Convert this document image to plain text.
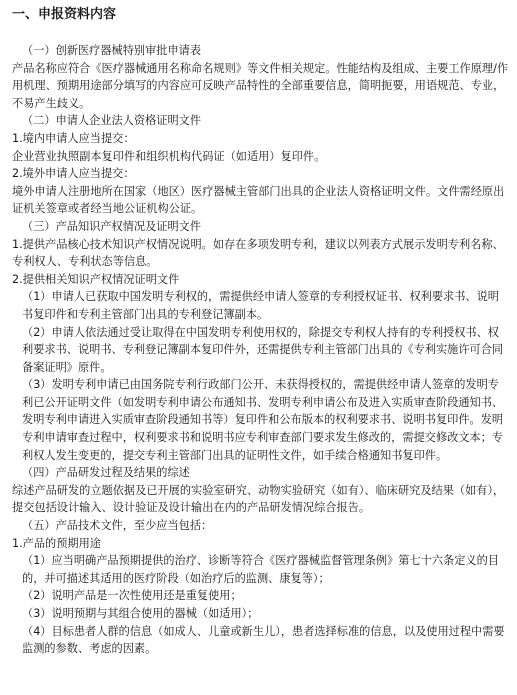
一、申报资料内容

（一）创新医疗器械特别审批申请表

产品名称应符合《医疗器械通用名称命名规则》等文件相关规定。性能结构及组成、主要工作原理/作用机理、预期用途部分填写的内容应可反映产品特性的全部重要信息，简明扼要，用语规范、专业，不易产生歧义。

（二）申请人企业法人资格证明文件

1.境内申请人应当提交：

企业营业执照副本复印件和组织机构代码证（如适用）复印件。

2.境外申请人应当提交：

境外申请人注册地所在国家（地区）医疗器械主管部门出具的企业法人资格证明文件。文件需经原出证机关签章或者经当地公证机构公证。

（三）产品知识产权情况及证明文件

1.提供产品核心技术知识产权情况说明。如存在多项发明专利，建议以列表方式展示发明专利名称、专利权人、专利状态等信息。

2.提供相关知识产权情况证明文件

（1）申请人已获取中国发明专利权的，需提供经申请人签章的专利授权证书、权利要求书、说明书复印件和专利主管部门出具的专利登记簿副本。

（2）申请人依法通过受让取得在中国发明专利使用权的，除提交专利权人持有的专利授权书、权利要求书、说明书、专利登记簿副本复印件外，还需提供专利主管部门出具的《专利实施许可合同备案证明》原件。

（3）发明专利申请已由国务院专利行政部门公开、未获得授权的，需提供经申请人签章的发明专利已公开证明文件（如发明专利申请公布通知书、发明专利申请公布及进入实质审查阶段通知书、发明专利申请进入实质审查阶段通知书等）复印件和公布版本的权利要求书、说明书复印件。发明专利申请审查过程中，权利要求书和说明书应专利审查部门要求发生修改的，需提交修改文本；专利权人发生变更的，提交专利主管部门出具的证明性文件，如手续合格通知书复印件。

（四）产品研发过程及结果的综述

综述产品研发的立题依据及已开展的实验室研究、动物实验研究（如有）、临床研究及结果（如有），提交包括设计输入、设计验证及设计输出在内的产品研发情况综合报告。

（五）产品技术文件，至少应当包括：

1.产品的预期用途

（1）应当明确产品预期提供的治疗、诊断等符合《医疗器械监督管理条例》第七十六条定义的目的，并可描述其适用的医疗阶段（如治疗后的监测、康复等）；

（2）说明产品是一次性使用还是重复使用；

（3）说明预期与其组合使用的器械（如适用）；

（4）目标患者人群的信息（如成人、儿童或新生儿），患者选择标准的信息，以及使用过程中需要监测的参数、考虑的因素。
